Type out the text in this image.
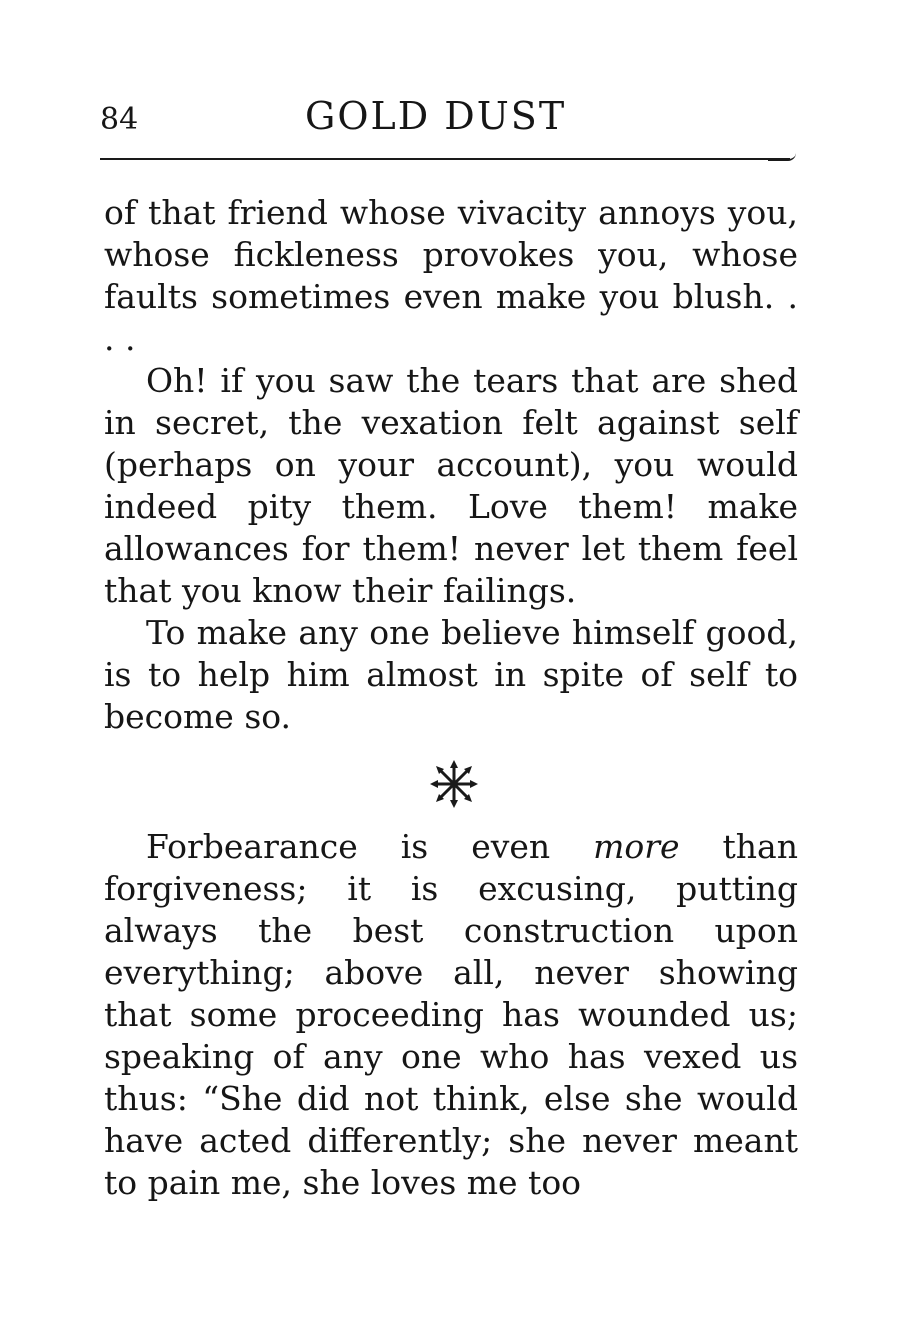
84	GOLD DUST

of that friend whose vivacity annoys you, whose fickleness provokes you, whose faults sometimes even make you blush. . . .

Oh! if you saw the tears that are shed in secret, the vexation felt against self (perhaps on your account), you would indeed pity them. Love them! make allowances for them! never let them feel that you know their failings.

To make any one believe himself good, is to help him almost in spite of self to become so.

Forbearance is even more than forgiveness; it is excusing, putting always the best construction upon everything; above all, never showing that some proceeding has wounded us; speaking of any one who has vexed us thus: “She did not think, else she would have acted differently; she never meant to pain me, she loves me too
